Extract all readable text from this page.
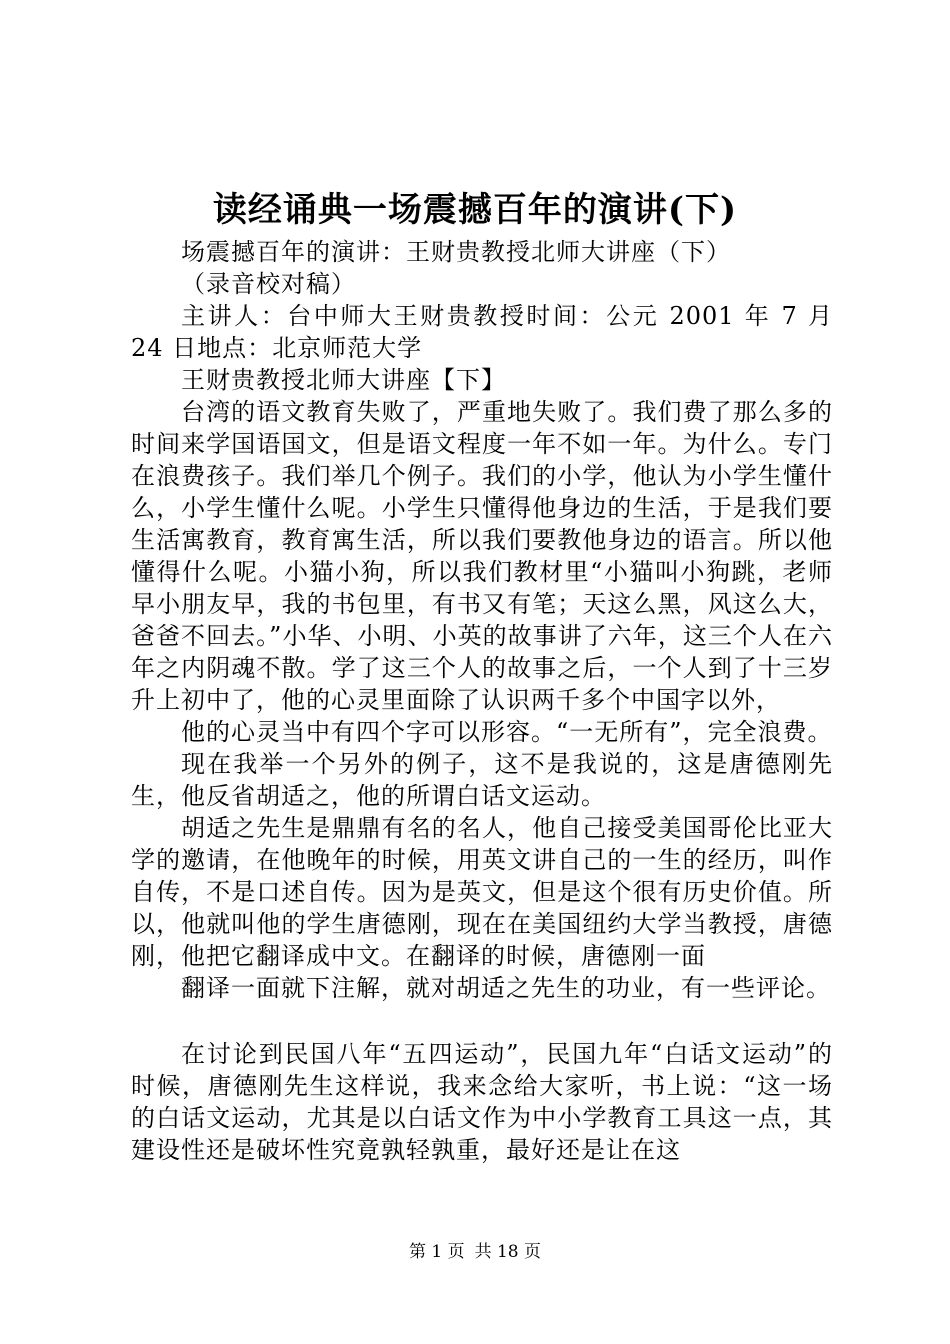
读经诵典一场震撼百年的演讲(下)

场震撼百年的演讲：王财贵教授北师大讲座（下）

（录音校对稿）

主讲人：台中师大王财贵教授时间：公元 2001 年 7 月 24 日地点：北京师范大学

王财贵教授北师大讲座【下】

台湾的语文教育失败了，严重地失败了。我们费了那么多的时间来学国语国文，但是语文程度一年不如一年。为什么。专门在浪费孩子。我们举几个例子。我们的小学，他认为小学生懂什么，小学生懂什么呢。小学生只懂得他身边的生活，于是我们要生活寓教育，教育寓生活，所以我们要教他身边的语言。所以他懂得什么呢。小猫小狗，所以我们教材里“小猫叫小狗跳，老师早小朋友早，我的书包里，有书又有笔；天这么黑，风这么大，爸爸不回去。”小华、小明、小英的故事讲了六年，这三个人在六年之内阴魂不散。学了这三个人的故事之后，一个人到了十三岁升上初中了，他的心灵里面除了认识两千多个中国字以外，

他的心灵当中有四个字可以形容。“一无所有”，完全浪费。

现在我举一个另外的例子，这不是我说的，这是唐德刚先生，他反省胡适之，他的所谓白话文运动。

胡适之先生是鼎鼎有名的名人，他自己接受美国哥伦比亚大学的邀请，在他晚年的时候，用英文讲自己的一生的经历，叫作自传，不是口述自传。因为是英文，但是这个很有历史价值。所以，他就叫他的学生唐德刚，现在在美国纽约大学当教授，唐德刚，他把它翻译成中文。在翻译的时候，唐德刚一面

翻译一面就下注解，就对胡适之先生的功业，有一些评论。

在讨论到民国八年“五四运动”，民国九年“白话文运动”的时候，唐德刚先生这样说，我来念给大家听，书上说：“这一场的白话文运动，尤其是以白话文作为中小学教育工具这一点，其建设性还是破坏性究竟孰轻孰重，最好还是让在这

第 1 页 共 18 页
